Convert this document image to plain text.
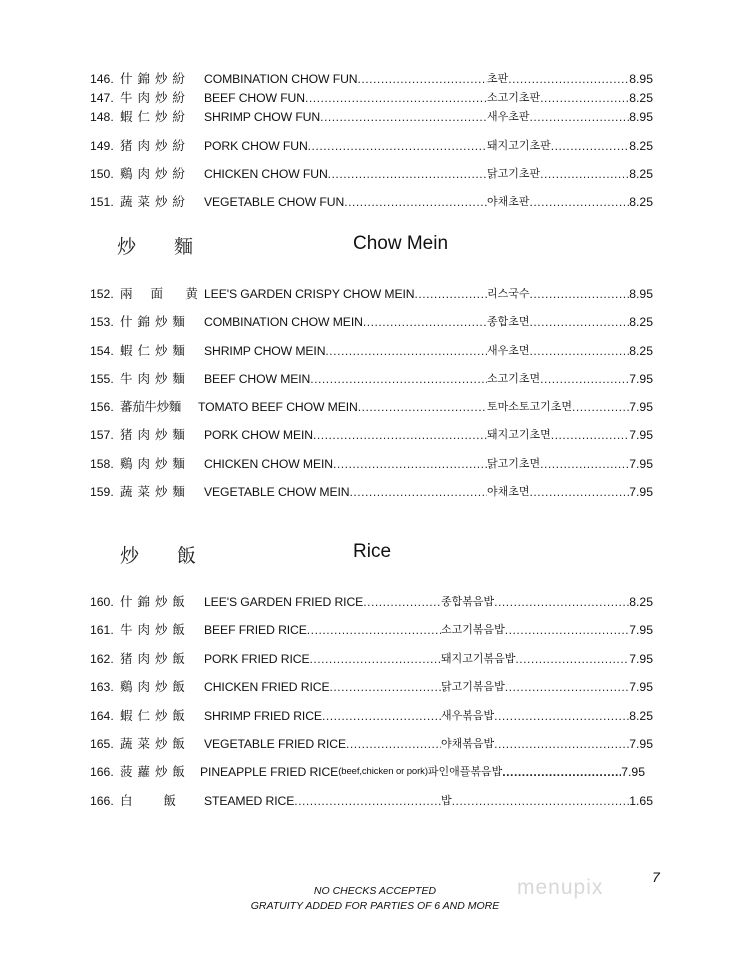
146. 什 錦 炒 紛	COMBINATION CHOW FUN .....	초판 .....	8.95
147. 牛 肉 炒 紛	BEEF CHOW FUN .....	소고기초판 .....	8.25
148. 蝦 仁 炒 紛	SHRIMP CHOW FUN .....	새우초판 .....	8.95
149. 猪 肉 炒 紛	PORK CHOW FUN .....	돼지고기초판 .....	8.25
150. 鷄 肉 炒 紛	CHICKEN CHOW FUN .....	닭고기초판 .....	8.25
151. 蔬 菜 炒 紛	VEGETABLE CHOW FUN .....	야채초판 .....	8.25
炒　　麵	Chow Mein
152. 兩　 面 　 黄 LEE'S GARDEN CRISPY CHOW MEIN .....	리스국수 .....	8.95
153. 什 錦 炒 麵	COMBINATION CHOW MEIN .....	종합초면 .....	8.25
154. 蝦 仁 炒 麵	SHRIMP CHOW MEIN .....	새우초면 .....	8.25
155. 牛 肉 炒 麵	BEEF CHOW MEIN .....	소고기초면 .....	7.95
156. 蕃茄牛炒麵	TOMATO BEEF CHOW MEIN .....	토마소토고기초면 .....	7.95
157. 猪 肉 炒 麵	PORK CHOW MEIN .....	돼지고기초면 .....	7.95
158. 鷄 肉 炒 麵	CHICKEN CHOW MEIN .....	닭고기초면 .....	7.95
159. 蔬 菜 炒 麵	VEGETABLE CHOW MEIN .....	야채초면 .....	7.95
炒　　飯	Rice
160. 什 錦 炒 飯	LEE'S GARDEN FRIED RICE .....	종합볶음밥 .....	8.25
161. 牛 肉 炒 飯	BEEF FRIED RICE .....	소고기볶음밥 .....	7.95
162. 猪 肉 炒 飯	PORK FRIED RICE .....	돼지고기볶음밥 .....	7.95
163. 鷄 肉 炒 飯	CHICKEN FRIED RICE .....	닭고기볶음밥 .....	7.95
164. 蝦 仁 炒 飯	SHRIMP FRIED RICE .....	새우볶음밥 .....	8.25
165. 蔬 菜 炒 飯	VEGETABLE FRIED RICE .....	야채볶음밥 .....	7.95
166. 菠 蘿 炒 飯	PINEAPPLE FRIED RICE (beef,chicken or pork) 파인애플볶음밥 .....	7.95
166. 白　　 飯	STEAMED RICE .....	밥 .....	1.65
NO CHECKS ACCEPTED
GRATUITY ADDED FOR PARTIES OF 6 AND MORE
menupix	7
